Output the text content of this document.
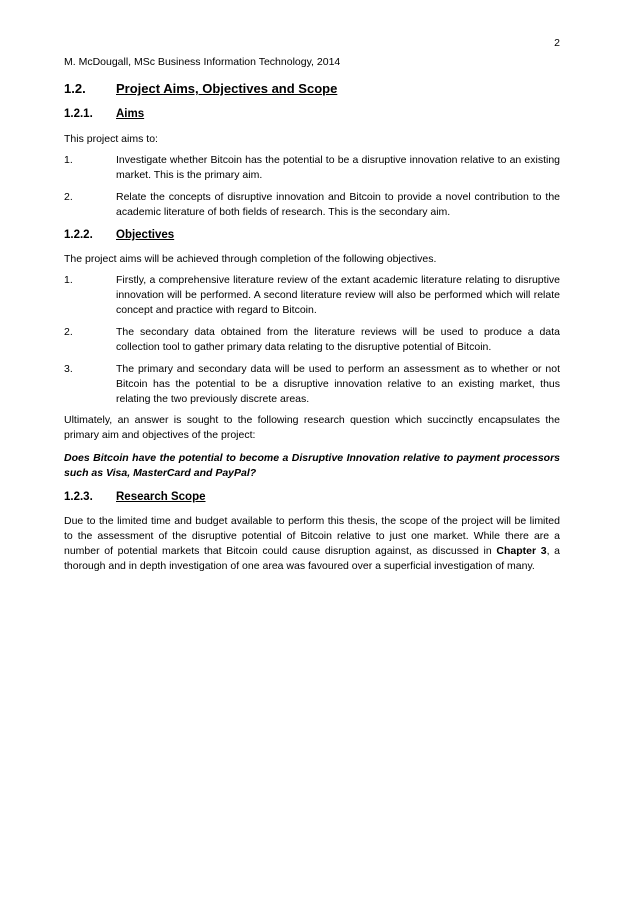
2
M. McDougall, MSc Business Information Technology, 2014
1.2. Project Aims, Objectives and Scope
1.2.1. Aims
This project aims to:
1.	Investigate whether Bitcoin has the potential to be a disruptive innovation relative to an existing market. This is the primary aim.
2.	Relate the concepts of disruptive innovation and Bitcoin to provide a novel contribution to the academic literature of both fields of research. This is the secondary aim.
1.2.2. Objectives
The project aims will be achieved through completion of the following objectives.
1.	Firstly, a comprehensive literature review of the extant academic literature relating to disruptive innovation will be performed. A second literature review will also be performed which will relate concept and practice with regard to Bitcoin.
2.	The secondary data obtained from the literature reviews will be used to produce a data collection tool to gather primary data relating to the disruptive potential of Bitcoin.
3.	The primary and secondary data will be used to perform an assessment as to whether or not Bitcoin has the potential to be a disruptive innovation relative to an existing market, thus relating the two previously discrete areas.
Ultimately, an answer is sought to the following research question which succinctly encapsulates the primary aim and objectives of the project:
Does Bitcoin have the potential to become a Disruptive Innovation relative to payment processors such as Visa, MasterCard and PayPal?
1.2.3. Research Scope
Due to the limited time and budget available to perform this thesis, the scope of the project will be limited to the assessment of the disruptive potential of Bitcoin relative to just one market. While there are a number of potential markets that Bitcoin could cause disruption against, as discussed in Chapter 3, a thorough and in depth investigation of one area was favoured over a superficial investigation of many.
